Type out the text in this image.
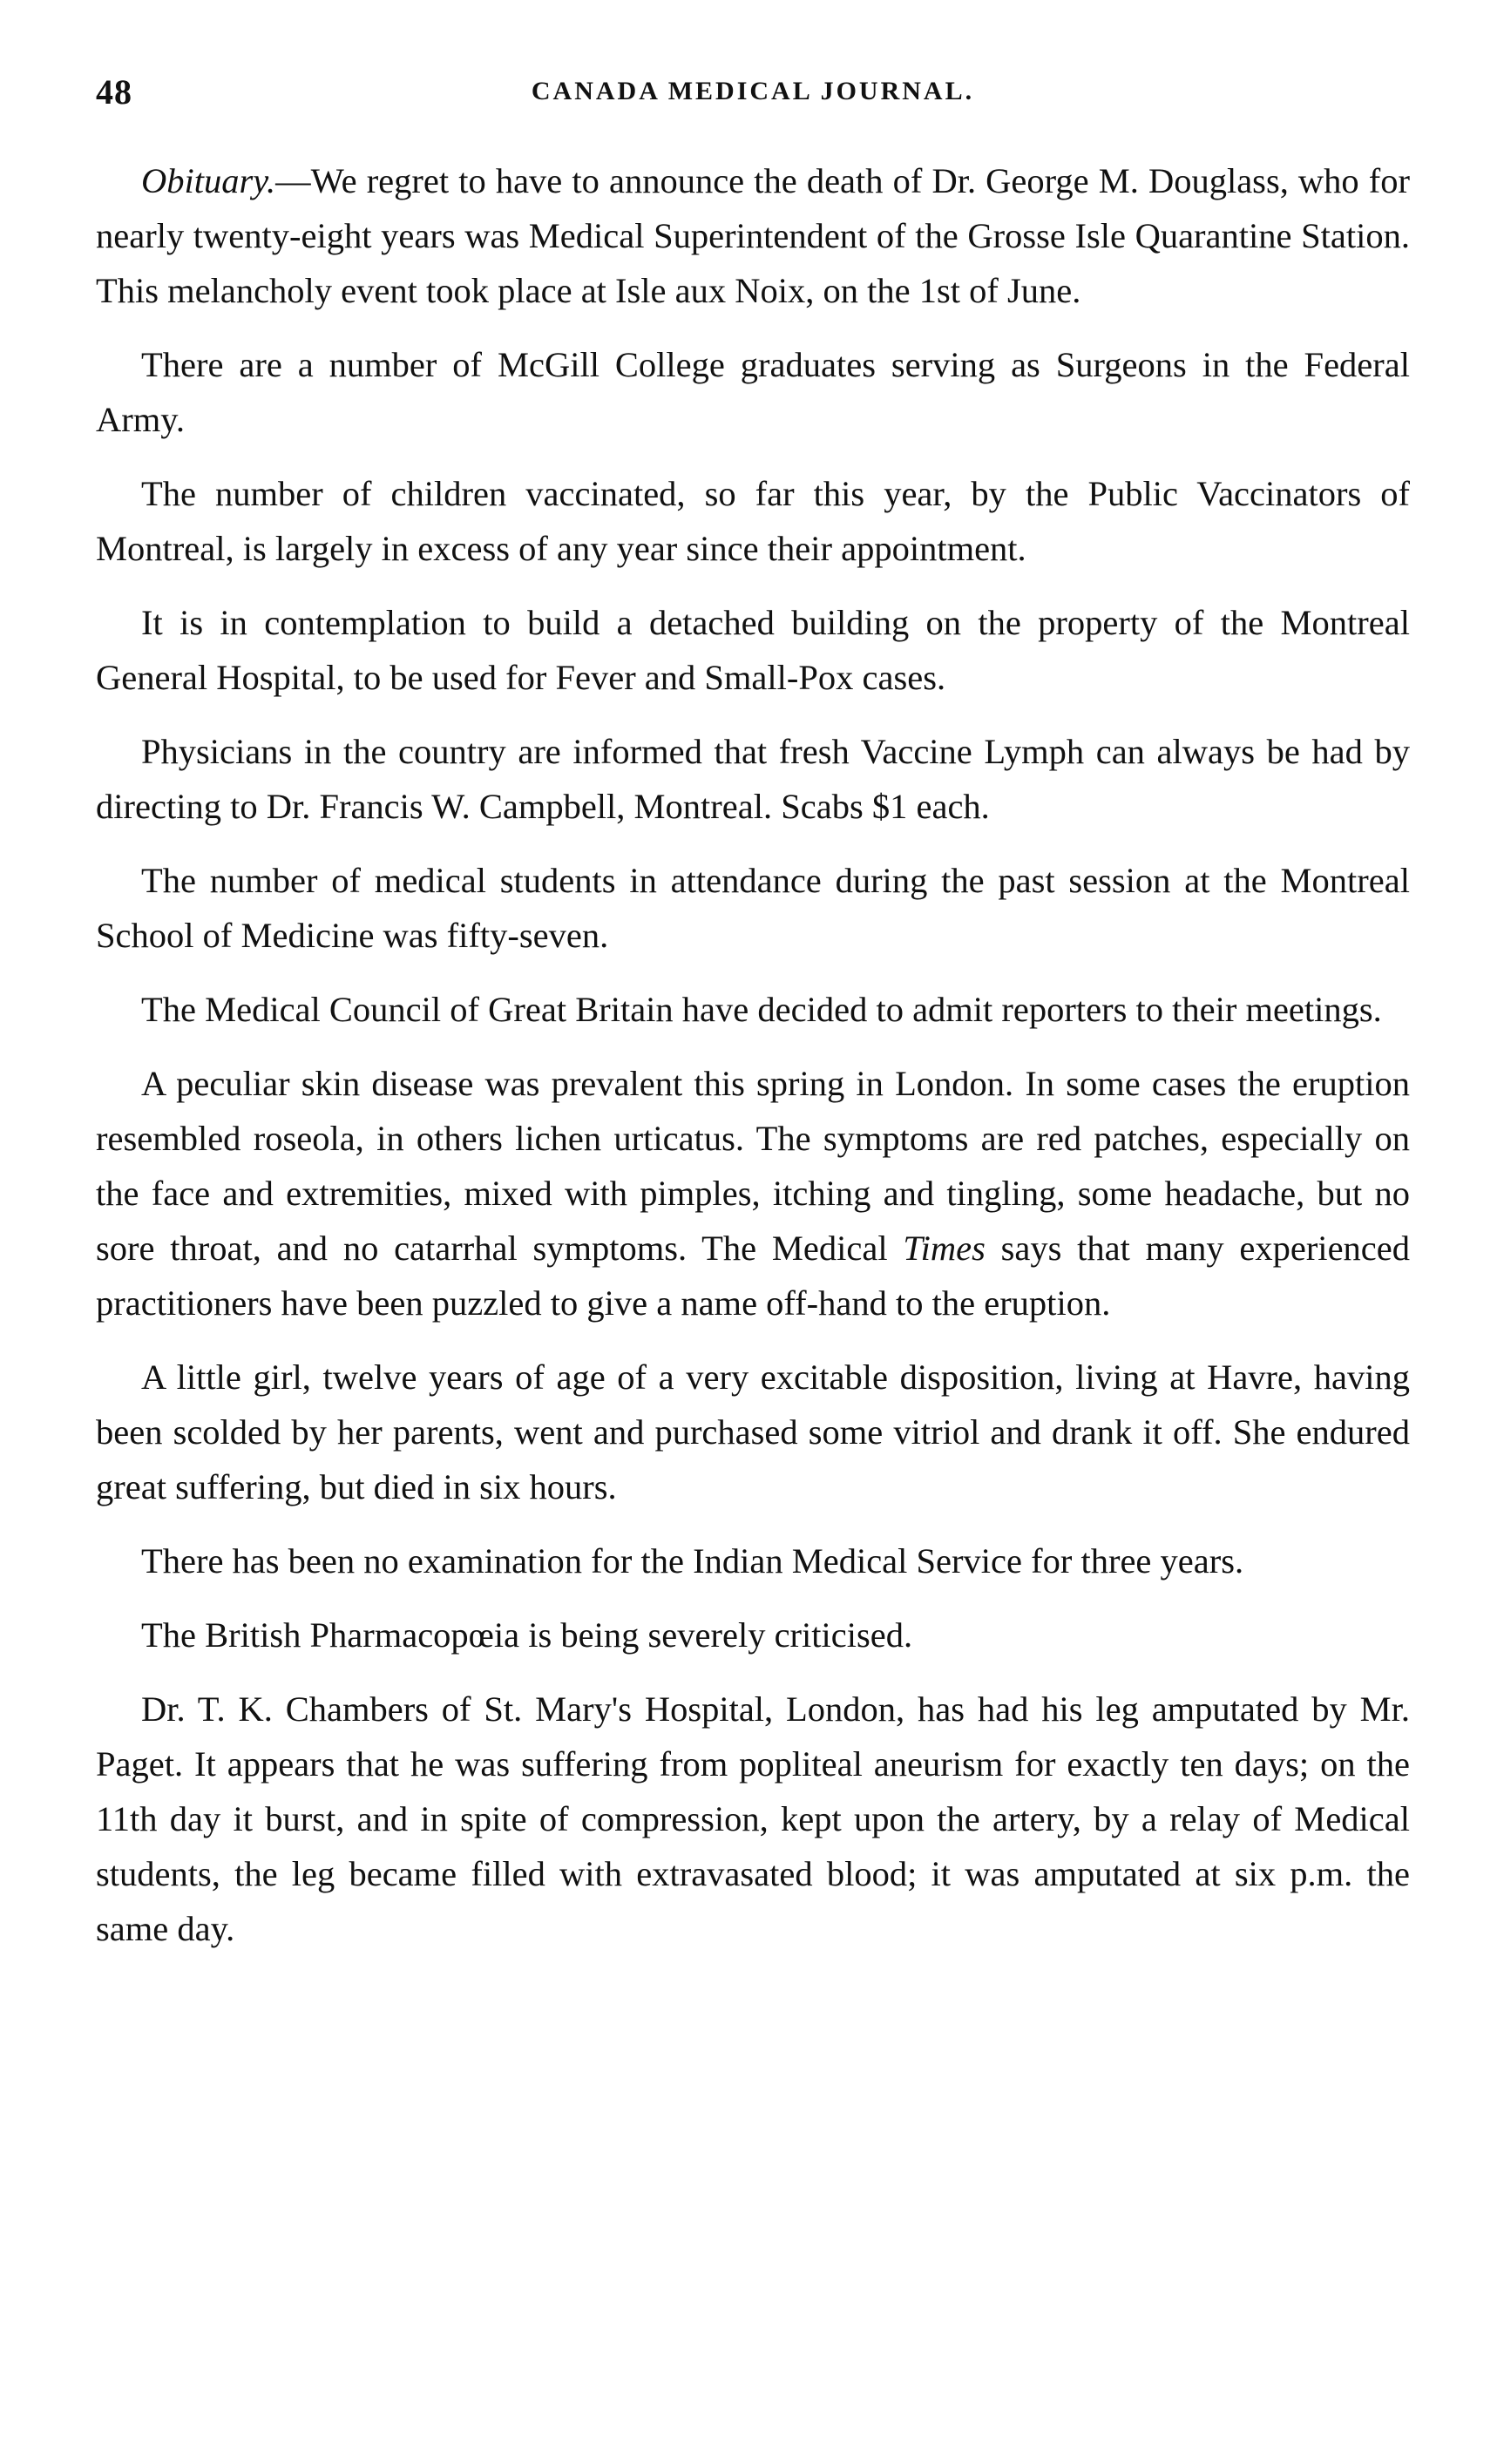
48	CANADA MEDICAL JOURNAL.

Obituary.—We regret to have to announce the death of Dr. George M. Douglass, who for nearly twenty-eight years was Medical Superintendent of the Grosse Isle Quarantine Station. This melancholy event took place at Isle aux Noix, on the 1st of June.

There are a number of McGill College graduates serving as Surgeons in the Federal Army.

The number of children vaccinated, so far this year, by the Public Vaccinators of Montreal, is largely in excess of any year since their appointment.

It is in contemplation to build a detached building on the property of the Montreal General Hospital, to be used for Fever and Small-Pox cases.

Physicians in the country are informed that fresh Vaccine Lymph can always be had by directing to Dr. Francis W. Campbell, Montreal. Scabs $1 each.

The number of medical students in attendance during the past session at the Montreal School of Medicine was fifty-seven.

The Medical Council of Great Britain have decided to admit reporters to their meetings.

A peculiar skin disease was prevalent this spring in London. In some cases the eruption resembled roseola, in others lichen urticatus. The symptoms are red patches, especially on the face and extremities, mixed with pimples, itching and tingling, some headache, but no sore throat, and no catarrhal symptoms. The Medical Times says that many experienced practitioners have been puzzled to give a name off-hand to the eruption.

A little girl, twelve years of age of a very excitable disposition, living at Havre, having been scolded by her parents, went and purchased some vitriol and drank it off. She endured great suffering, but died in six hours.

There has been no examination for the Indian Medical Service for three years.

The British Pharmacopœia is being severely criticised.

Dr. T. K. Chambers of St. Mary's Hospital, London, has had his leg amputated by Mr. Paget. It appears that he was suffering from popliteal aneurism for exactly ten days; on the 11th day it burst, and in spite of compression, kept upon the artery, by a relay of Medical students, the leg became filled with extravasated blood; it was amputated at six p.m. the same day.
